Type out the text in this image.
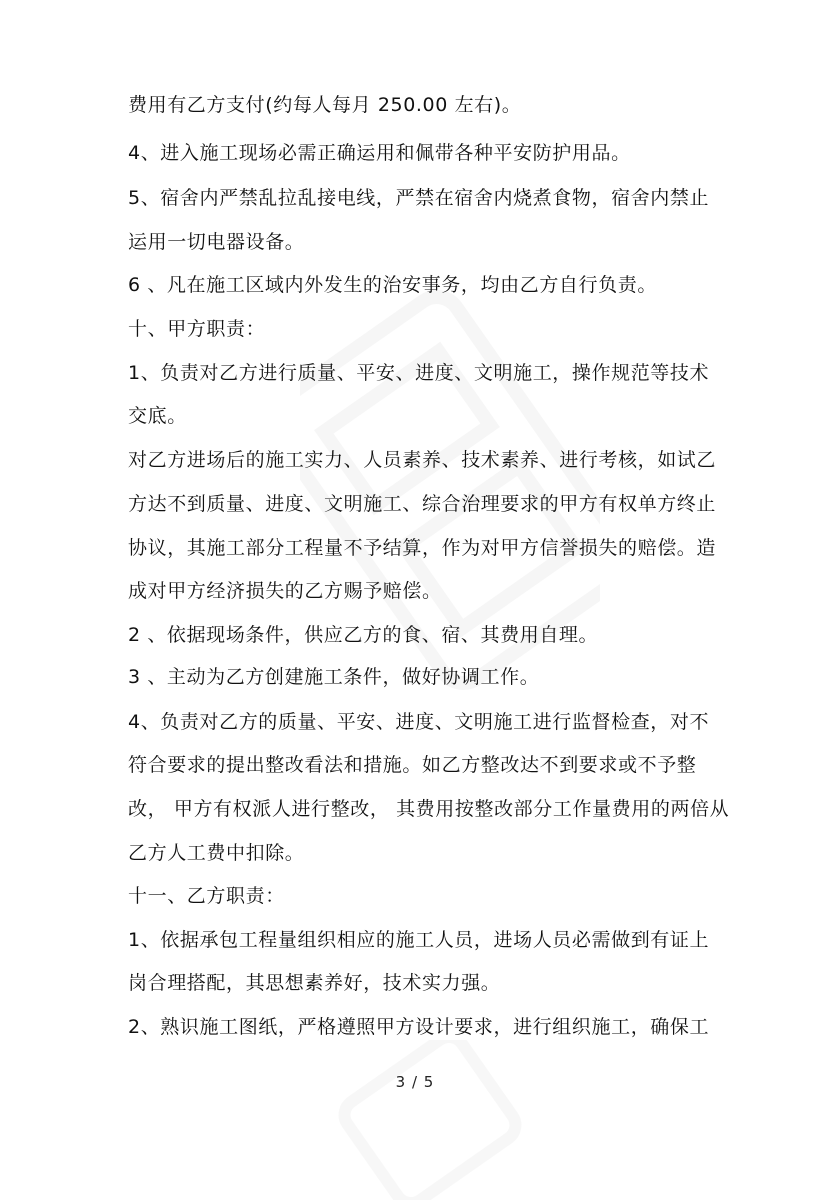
费用有乙方支付(约每人每月 250.00 左右)。
4、进入施工现场必需正确运用和佩带各种平安防护用品。
5、宿舍内严禁乱拉乱接电线，严禁在宿舍内烧煮食物，宿舍内禁止
运用一切电器设备。
6 、凡在施工区域内外发生的治安事务，均由乙方自行负责。
十、甲方职责：
1、负责对乙方进行质量、平安、进度、文明施工，操作规范等技术
交底。
对乙方进场后的施工实力、人员素养、技术素养、进行考核，如试乙
方达不到质量、进度、文明施工、综合治理要求的甲方有权单方终止
协议，其施工部分工程量不予结算，作为对甲方信誉损失的赔偿。造
成对甲方经济损失的乙方赐予赔偿。
2 、依据现场条件，供应乙方的食、宿、其费用自理。
3 、主动为乙方创建施工条件，做好协调工作。
4、负责对乙方的质量、平安、进度、文明施工进行监督检查，对不
符合要求的提出整改看法和措施。如乙方整改达不到要求或不予整
改， 甲方有权派人进行整改， 其费用按整改部分工作量费用的两倍从
乙方人工费中扣除。
十一、乙方职责：
1、依据承包工程量组织相应的施工人员，进场人员必需做到有证上
岗合理搭配，其思想素养好，技术实力强。
2、熟识施工图纸，严格遵照甲方设计要求，进行组织施工，确保工
3 / 5
